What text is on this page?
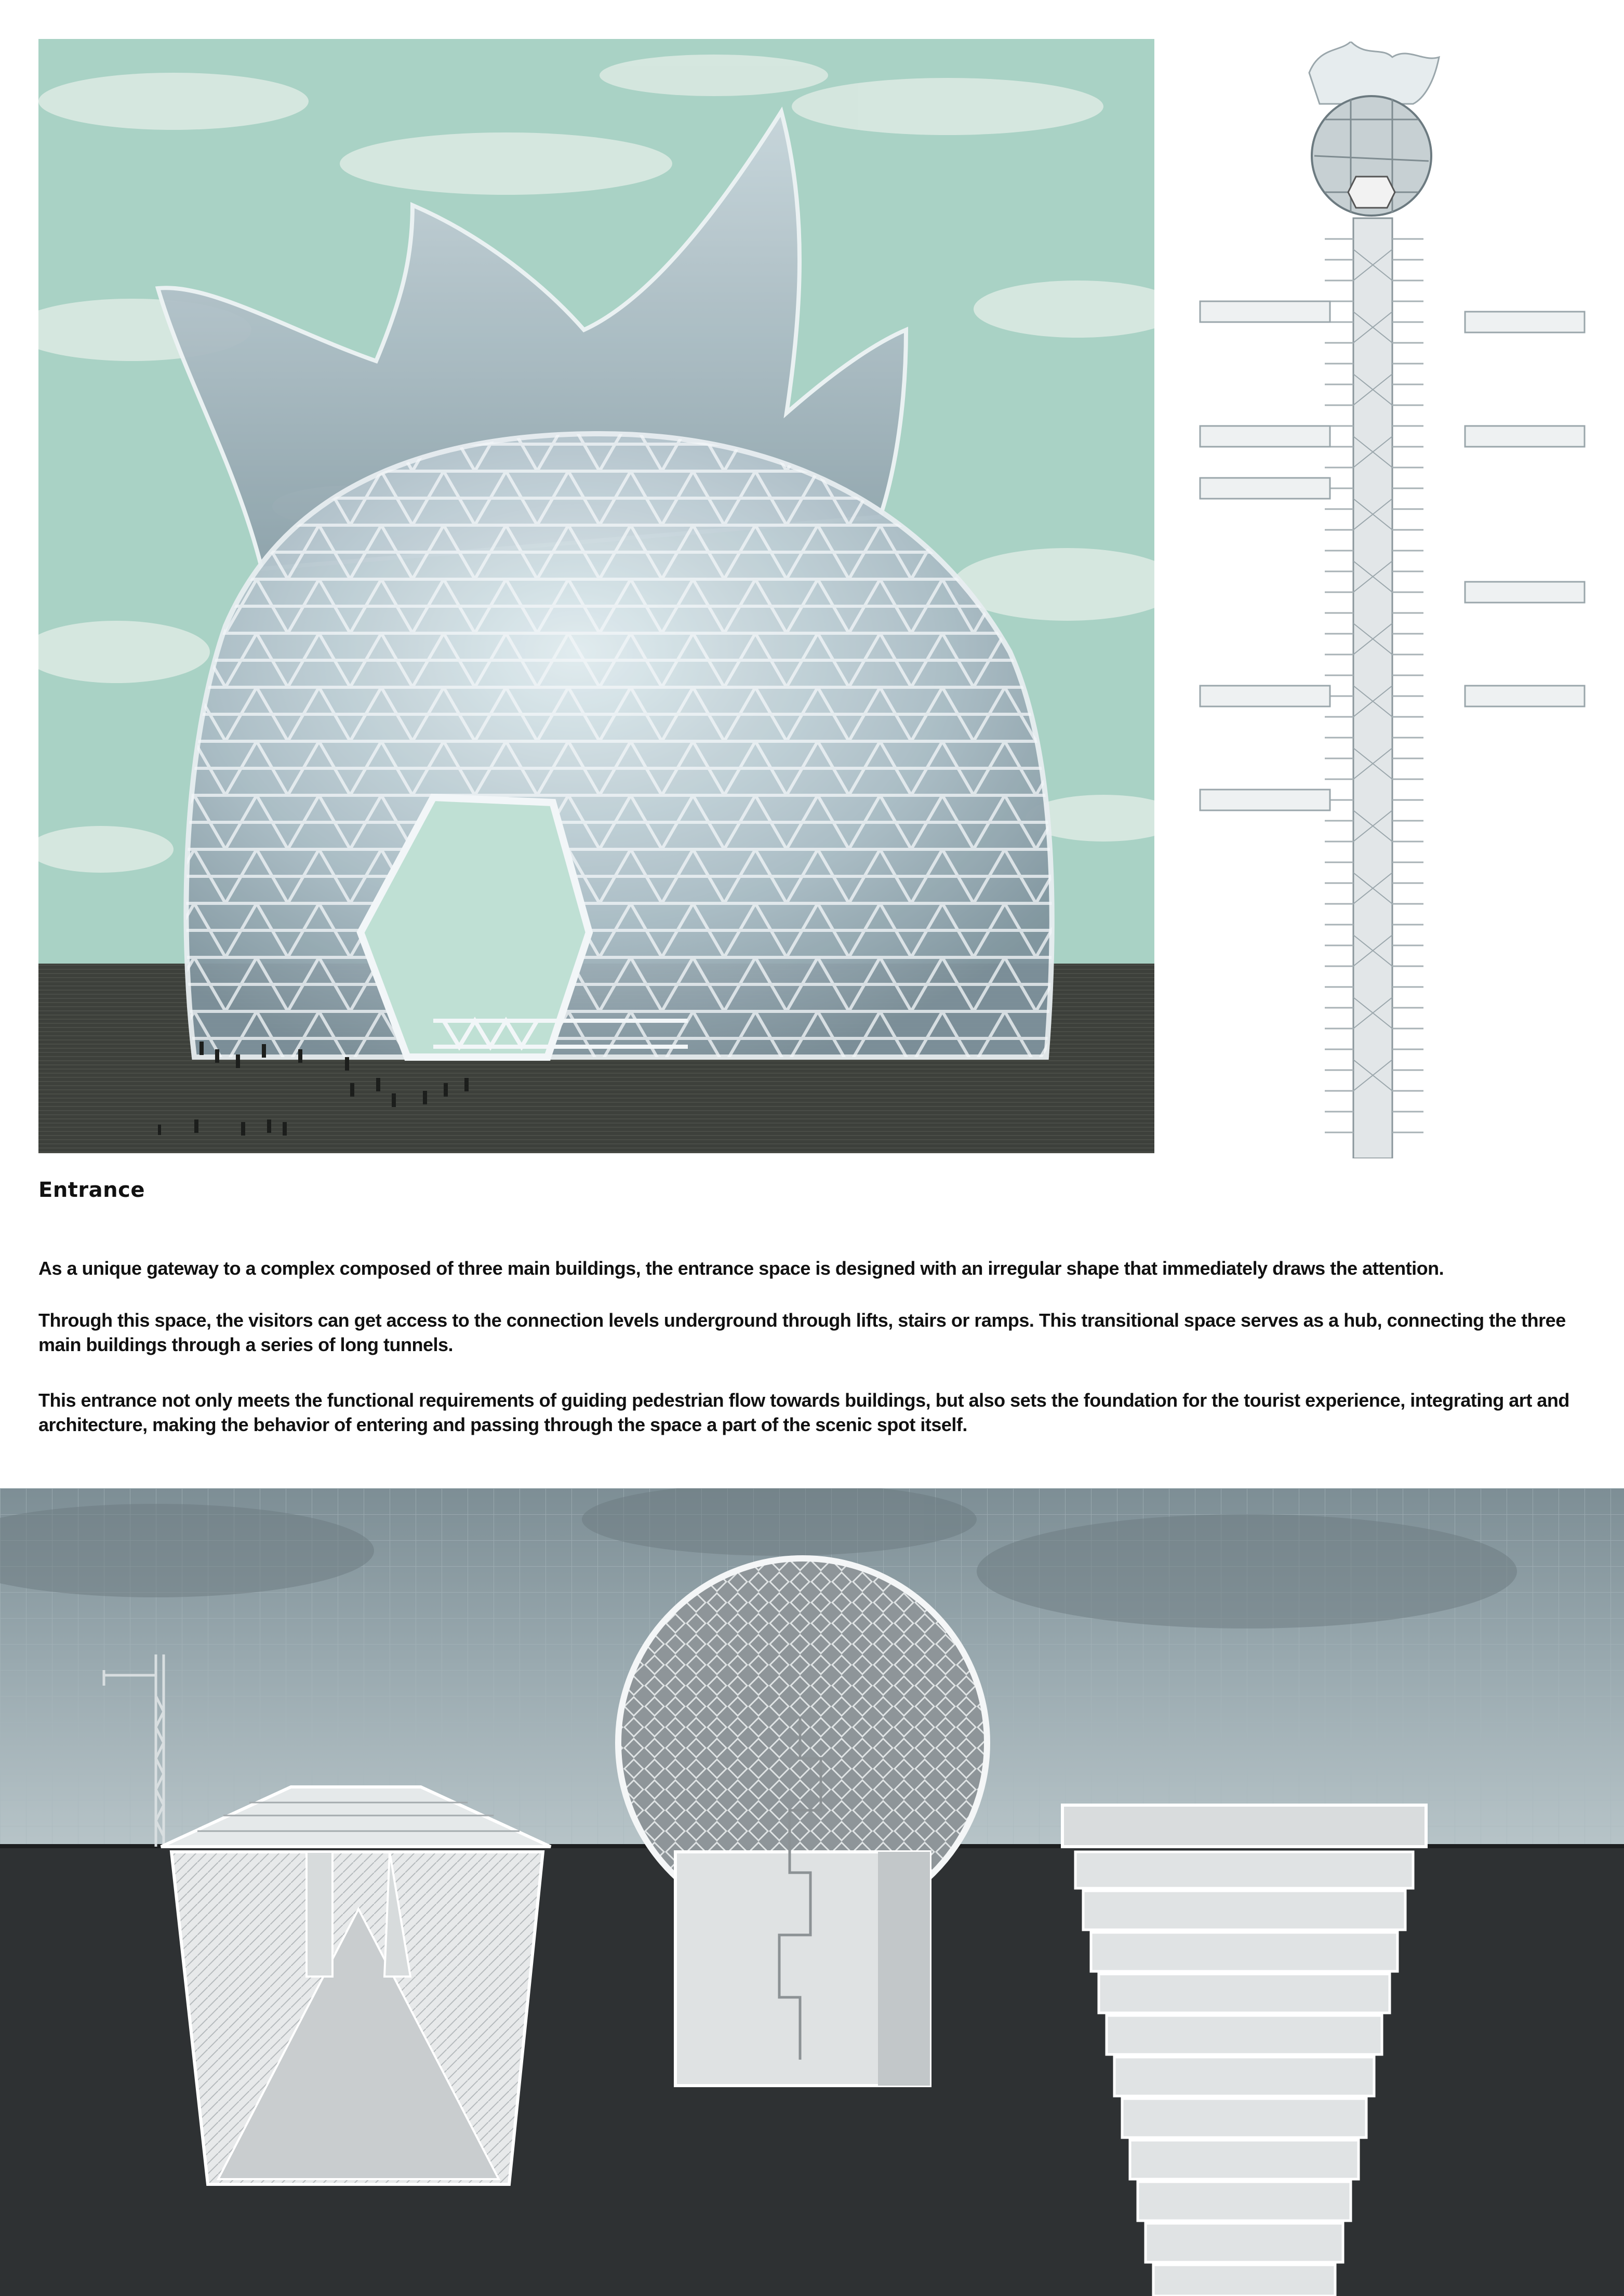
Entrance

As a unique gateway to a complex composed of three main buildings, the entrance space is designed with an irregular shape that immediately draws the attention.

Through this space, the visitors can get access to the connection levels underground through lifts, stairs or ramps. This transitional space serves as a hub, connecting the three main buildings through a series of long tunnels.

This entrance not only meets the functional requirements of guiding pedestrian flow towards buildings, but also sets the foundation for the tourist experience, integrating art and architecture, making the behavior of entering and passing through the space a part of the scenic spot itself.
